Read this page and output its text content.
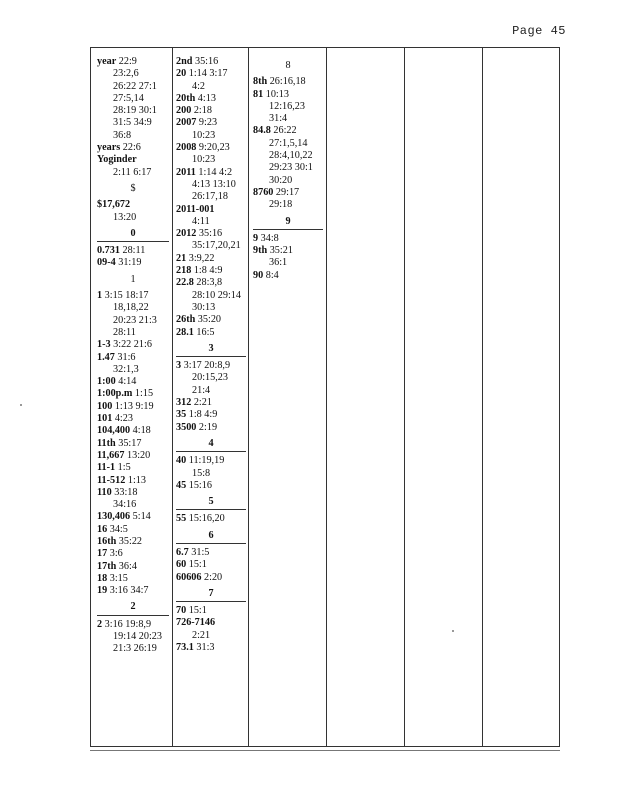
Page 45
year 22:9
23:2,6
26:22 27:1
27:5,14
28:19 30:1
31:5 34:9
36:8
years 22:6
Yoginder
2:11 6:17
$
$17,672
13:20
0
0.731 28:11
09-4 31:19
1
1 3:15 18:17
18,18,22
20:23 21:3
28:11
1-3 3:22 21:6
1.47 31:6
32:1,3
1:00 4:14
1:00p.m 1:15
100 1:13 9:19
101 4:23
104,400 4:18
11th 35:17
11,667 13:20
11-1 1:5
11-512 1:13
110 33:18
34:16
130,406 5:14
16 34:5
16th 35:22
17 3:6
17th 36:4
18 3:15
19 3:16 34:7
2
2 3:16 19:8,9
19:14 20:23
21:3 26:19
2nd 35:16
20 1:14 3:17
4:2
20th 4:13
200 2:18
2007 9:23
10:23
2008 9:20,23
10:23
2011 1:14 4:2
4:13 13:10
26:17,18
2011-001
4:11
2012 35:16
35:17,20,21
21 3:9,22
218 1:8 4:9
22.8 28:3,8
28:10 29:14
30:13
26th 35:20
28.1 16:5
3
3 3:17 20:8,9
20:15,23
21:4
312 2:21
35 1:8 4:9
3500 2:19
4
40 11:19,19
15:8
45 15:16
5
55 15:16,20
6
6.7 31:5
60 15:1
60606 2:20
7
70 15:1
726-7146
2:21
73.1 31:3
8
8th 26:16,18
81 10:13
12:16,23
31:4
84.8 26:22
27:1,5,14
28:4,10,22
29:23 30:1
30:20
8760 29:17
29:18
9
9 34:8
9th 35:21
36:1
90 8:4
